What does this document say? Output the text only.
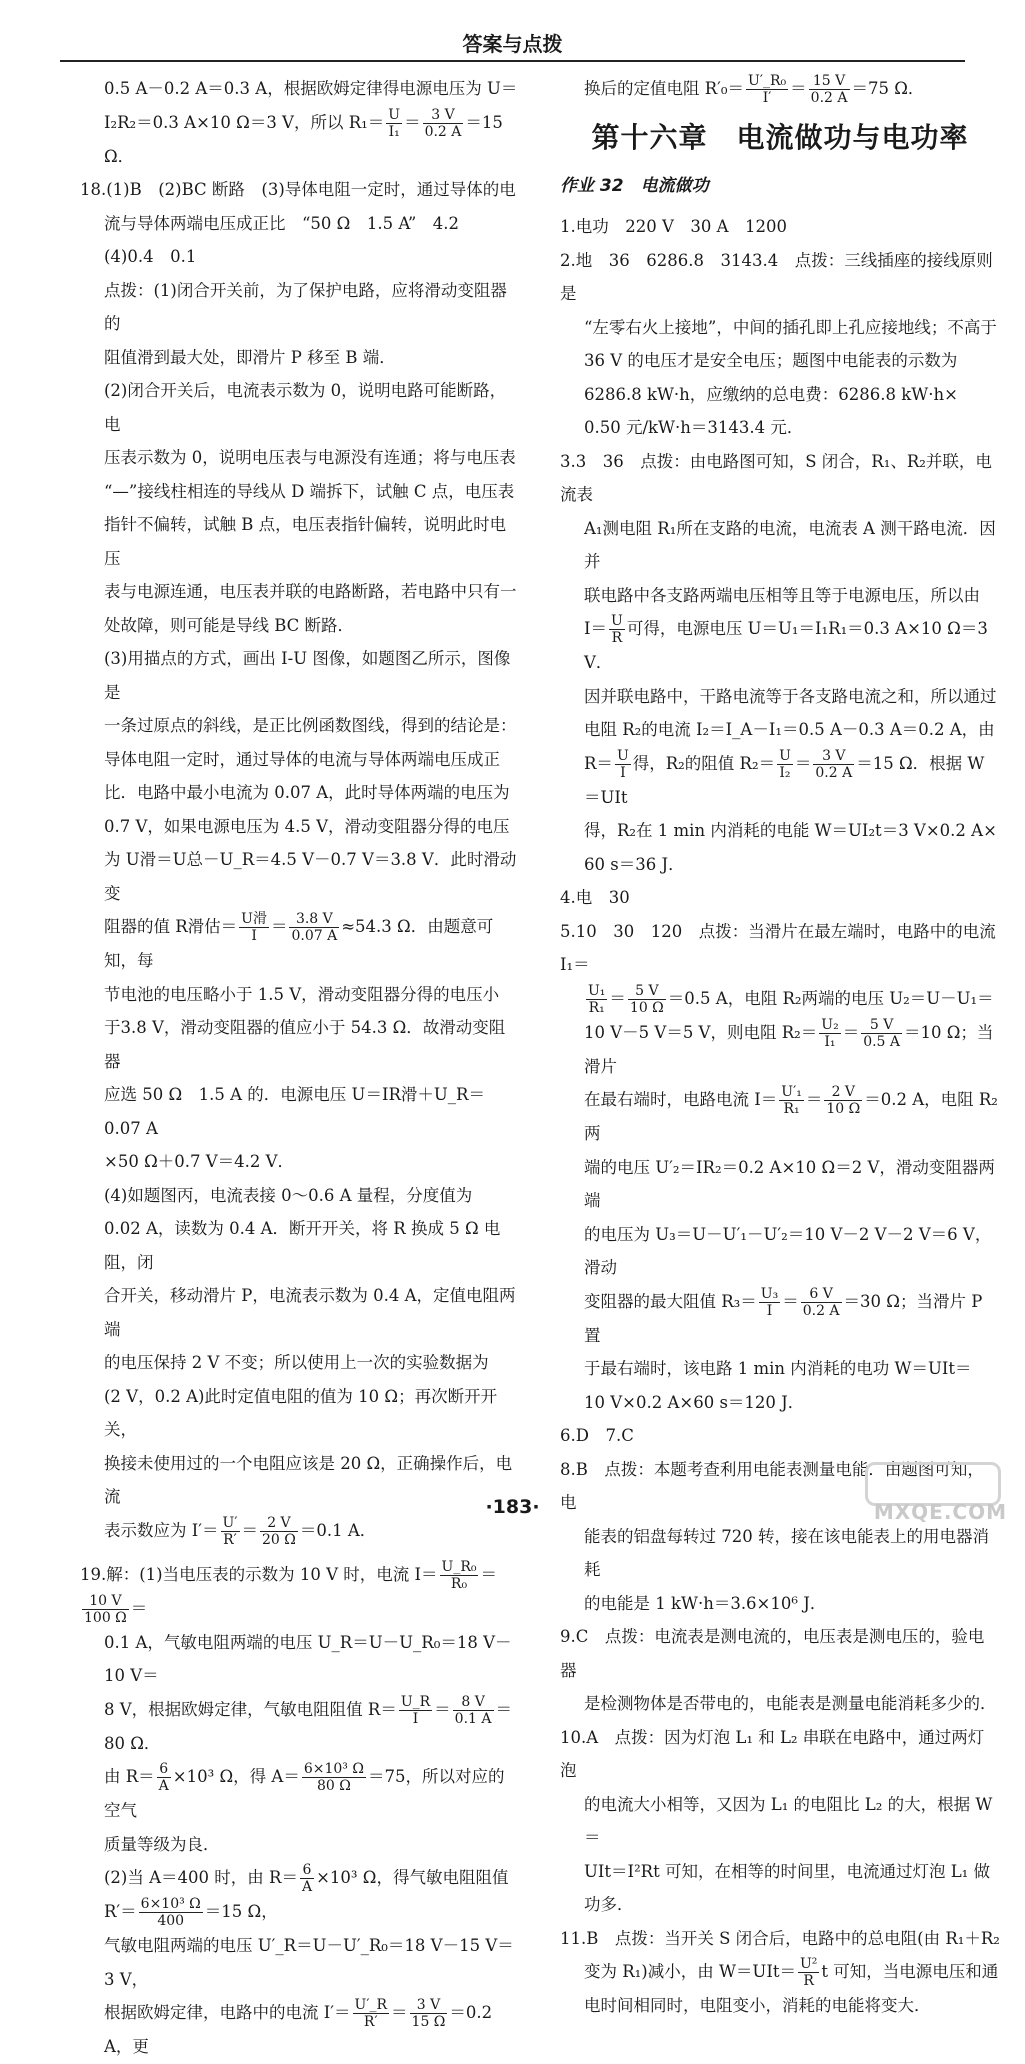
答案与点拨

0.5 A－0.2 A＝0.3 A，根据欧姆定律得电源电压为 U＝

I₂R₂＝0.3 A×10 Ω＝3 V，所以 $R_1= \frac{U}{\text{I₁}} = \frac{3 V}{0.2 A} =15$ Ω．

18.(1)B　(2)BC 断路　(3)导体电阻一定时，通过导体的电

流与导体两端电压成正比　“50 Ω　1.5 A”　4.2

(4)0.4　0.1

点拨：(1)闭合开关前，为了保护电路，应将滑动变阻器的

阻值滑到最大处，即滑片 P 移至 B 端．

(2)闭合开关后，电流表示数为 0，说明电路可能断路，电

压表示数为 0，说明电压表与电源没有连通；将与电压表

“—”接线柱相连的导线从 D 端拆下，试触 C 点，电压表

指针不偏转，试触 B 点，电压表指针偏转，说明此时电压

表与电源连通，电压表并联的电路断路，若电路中只有一

处故障，则可能是导线 BC 断路．

(3)用描点的方式，画出 I-U 图像，如题图乙所示，图像是

一条过原点的斜线，是正比例函数图线，得到的结论是：

导体电阻一定时，通过导体的电流与导体两端电压成正

比．电路中最小电流为 0.07 A，此时导体两端的电压为

0.7 V，如果电源电压为 4.5 V，滑动变阻器分得的电压

为 U滑＝U总－U_R＝4.5 V－0.7 V＝3.8 V．此时滑动变

阻器的值 R滑估＝ $\frac{\text{U滑}}{I} = \frac{3.8 V}{0.07 A} \approx 54.3$ Ω．由题意可知，每

节电池的电压略小于 1.5 V，滑动变阻器分得的电压小

于3.8 V，滑动变阻器的值应小于 54.3 Ω．故滑动变阻器

应选 50 Ω　1.5 A 的．电源电压 U＝IR滑＋U_R＝0.07 A

×50 Ω＋0.7 V＝4.2 V．

(4)如题图丙，电流表接 0～0.6 A 量程，分度值为

0.02 A，读数为 0.4 A．断开开关，将 R 换成 5 Ω 电阻，闭

合开关，移动滑片 P，电流表示数为 0.4 A，定值电阻两端

的电压保持 2 V 不变；所以使用上一次的实验数据为

(2 V，0.2 A)此时定值电阻的值为 10 Ω；再次断开开关，

换接未使用过的一个电阻应该是 20 Ω，正确操作后，电流

表示数应为 $I'= \frac{U'}{R'} = \frac{2 V}{20 \Omega} =0.1$ A．

19.解：(1)当电压表的示数为 10 V 时，电流 $I= \frac{\text{U\_R₀}}{\text{R₀}}$ ＝
$\frac{10 V}{100 \Omega}$ ＝

0.1 A，气敏电阻两端的电压 U_R＝U－U_R₀＝18 V－10 V＝

8 V，根据欧姆定律，气敏电阻阻值 $R= \frac{U\_R}{I} = \frac{8 V}{0.1 A}$ ＝

80 Ω．

由 $R= \frac{6}{A} \times 10^3$ Ω，得 $A= \frac{\text{6×10³ Ω}}{80 \Omega} =75$，所以对应的空气

质量等级为良．

(2)当 A＝400 时，由 $R= \frac{6}{A} \times 10^3$ Ω，得气敏电阻阻值

$R'= \frac{\text{6×10³ Ω}}{400} =15$ Ω，

气敏电阻两端的电压 U′_R＝U－U′_R₀＝18 V－15 V＝3 V，

根据欧姆定律，电路中的电流 $I'= \frac{U'\_R}{R'} = \frac{3 V}{15 \Omega} =0.2$ A，更

换后的定值电阻 $R'_0= \frac{\text{U′\_R₀}}{I'} = \frac{15 V}{0.2 A} =75$ Ω．

第十六章　电流做功与电功率
作业 32　电流做功

1.电功　220 V　30 A　1200

2.地　36　6286.8　3143.4　点拨：三线插座的接线原则是

“左零右火上接地”，中间的插孔即上孔应接地线；不高于

36 V 的电压才是安全电压；题图中电能表的示数为

6286.8 kW·h，应缴纳的总电费：6286.8 kW·h×

0.50 元/kW·h＝3143.4 元．

3.3　36　点拨：由电路图可知，S 闭合，R₁、R₂并联，电流表

A₁测电阻 R₁所在支路的电流，电流表 A 测干路电流．因并

联电路中各支路两端电压相等且等于电源电压，所以由

$I= \frac{U}{R}$ 可得，电源电压 U＝U₁＝I₁R₁＝0.3 A×10 Ω＝3 V．

因并联电路中，干路电流等于各支路电流之和，所以通过

电阻 R₂的电流 I₂＝I_A－I₁＝0.5 A－0.3 A＝0.2 A，由

$R= \frac{U}{I}$ 得，R₂的阻值 $R_2= \frac{U}{\text{I₂}} = \frac{3 V}{0.2 A} =15$ Ω．根据 W＝UIt

得，R₂在 1 min 内消耗的电能 W＝UI₂t＝3 V×0.2 A×

60 s＝36 J．

4.电　30

5.10　30　120　点拨：当滑片在最左端时，电路中的电流 I₁＝

$\frac{\text{U₁}}{\text{R₁}} = \frac{5 V}{10 \Omega} =0.5$ A，电阻 R₂两端的电压 U₂＝U－U₁＝

10 V－5 V＝5 V，则电阻 $R_2= \frac{\text{U₂}}{\text{I₁}} = \frac{5 V}{0.5 A} =10$ Ω；当滑片

在最右端时，电路电流 $I= \frac{\text{U′₁}}{\text{R₁}} = \frac{2 V}{10 \Omega} =0.2$ A，电阻 R₂两

端的电压 U′₂＝IR₂＝0.2 A×10 Ω＝2 V，滑动变阻器两端

的电压为 U₃＝U－U′₁－U′₂＝10 V－2 V－2 V＝6 V，滑动

变阻器的最大阻值 $R_3= \frac{\text{U₃}}{I} = \frac{6 V}{0.2 A} =30$ Ω；当滑片 P 置

于最右端时，该电路 1 min 内消耗的电功 W＝UIt＝

10 V×0.2 A×60 s＝120 J．

6.D　7.C

8.B　点拨：本题考查利用电能表测量电能．由题图可知，电

能表的铝盘每转过 720 转，接在该电能表上的用电器消耗

的电能是 1 kW·h＝3.6×10⁶ J．

9.C　点拨：电流表是测电流的，电压表是测电压的，验电器

是检测物体是否带电的，电能表是测量电能消耗多少的．

10.A　点拨：因为灯泡 L₁ 和 L₂ 串联在电路中，通过两灯泡

的电流大小相等，又因为 L₁ 的电阻比 L₂ 的大，根据 W＝

UIt＝I²Rt 可知，在相等的时间里，电流通过灯泡 L₁ 做

功多．

11.B　点拨：当开关 S 闭合后，电路中的总电阻(由 R₁＋R₂

变为 R₁)减小，由 $W=UIt= \frac{\text{U²}}{R}$ t 可知，当电源电压和通

电时间相同时，电阻变小，消耗的电能将变大．

·183·	MXQE.COM
